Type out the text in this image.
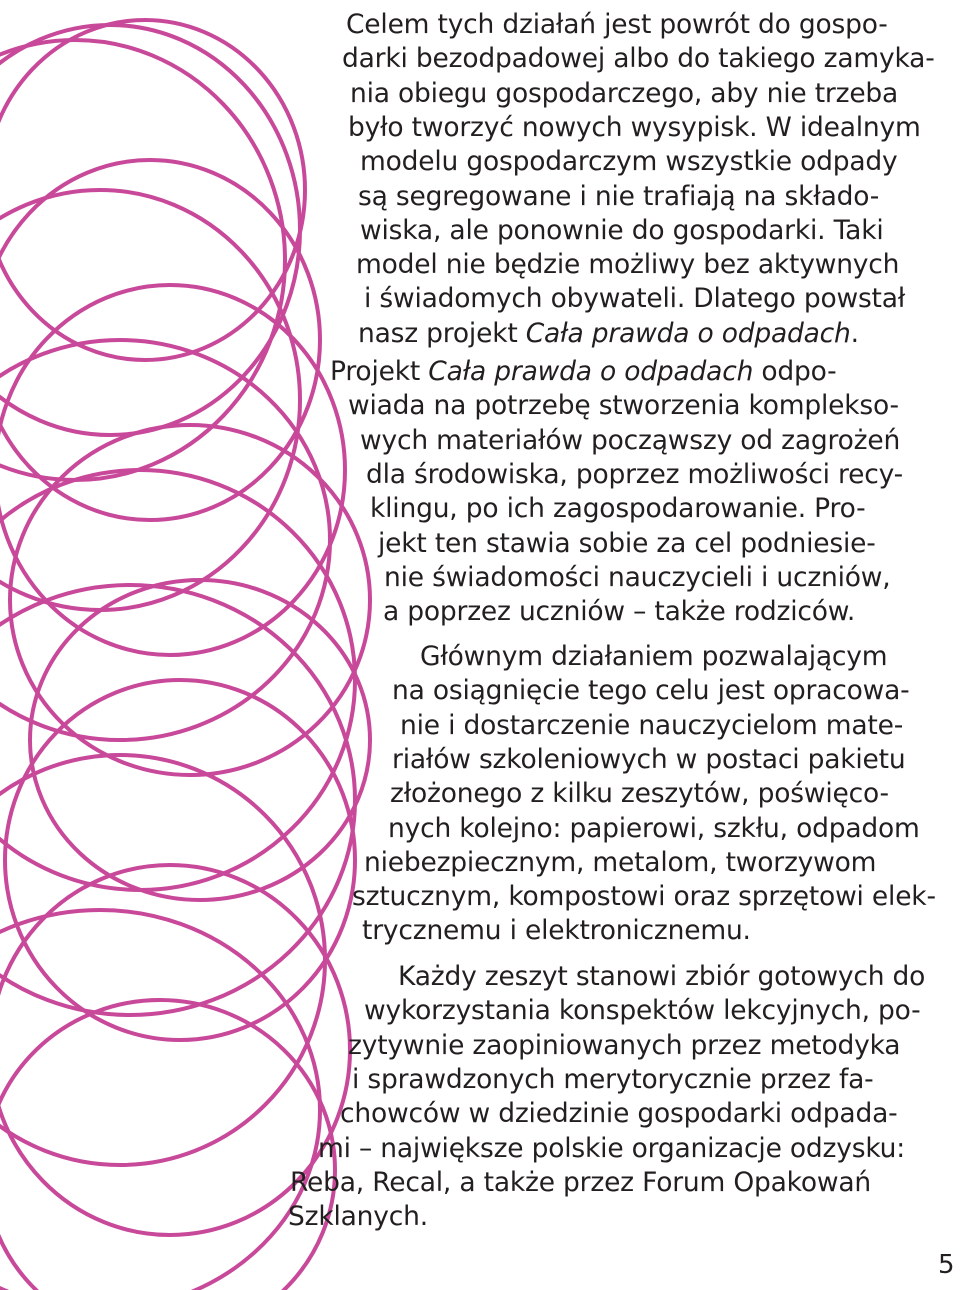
Celem tych działań jest powrót do gospo-
darki bezodpadowej albo do takiego zamyka-
nia obiegu gospodarczego, aby nie trzeba
było tworzyć nowych wysypisk. W idealnym
modelu gospodarczym wszystkie odpady
są segregowane i nie trafiają na składo-
wiska, ale ponownie do gospodarki. Taki
model nie będzie możliwy bez aktywnych
i świadomych obywateli. Dlatego powstał
nasz projekt Cała prawda o odpadach.
Projekt Cała prawda o odpadach odpo-
wiada na potrzebę stworzenia komplekso-
wych materiałów począwszy od zagrożeń
dla środowiska, poprzez możliwości recy-
klingu, po ich zagospodarowanie. Pro-
jekt ten stawia sobie za cel podniesie-
nie świadomości nauczycieli i uczniów,
a poprzez uczniów – także rodziców.
Głównym działaniem pozwalającym
na osiągnięcie tego celu jest opracowa-
nie i dostarczenie nauczycielom mate-
riałów szkoleniowych w postaci pakietu
złożonego z kilku zeszytów, poświęco-
nych kolejno: papierowi, szkłu, odpadom
niebezpiecznym, metalom, tworzywom
sztucznym, kompostowi oraz sprzętowi elek-
trycznemu i elektronicznemu.
Każdy zeszyt stanowi zbiór gotowych do
wykorzystania konspektów lekcyjnych, po-
zytywnie zaopiniowanych przez metodyka
i sprawdzonych merytorycznie przez fa-
chowców w dziedzinie gospodarki odpada-
mi – największe polskie organizacje odzysku:
Reba, Recal, a także przez Forum Opakowań
Szklanych.
5
